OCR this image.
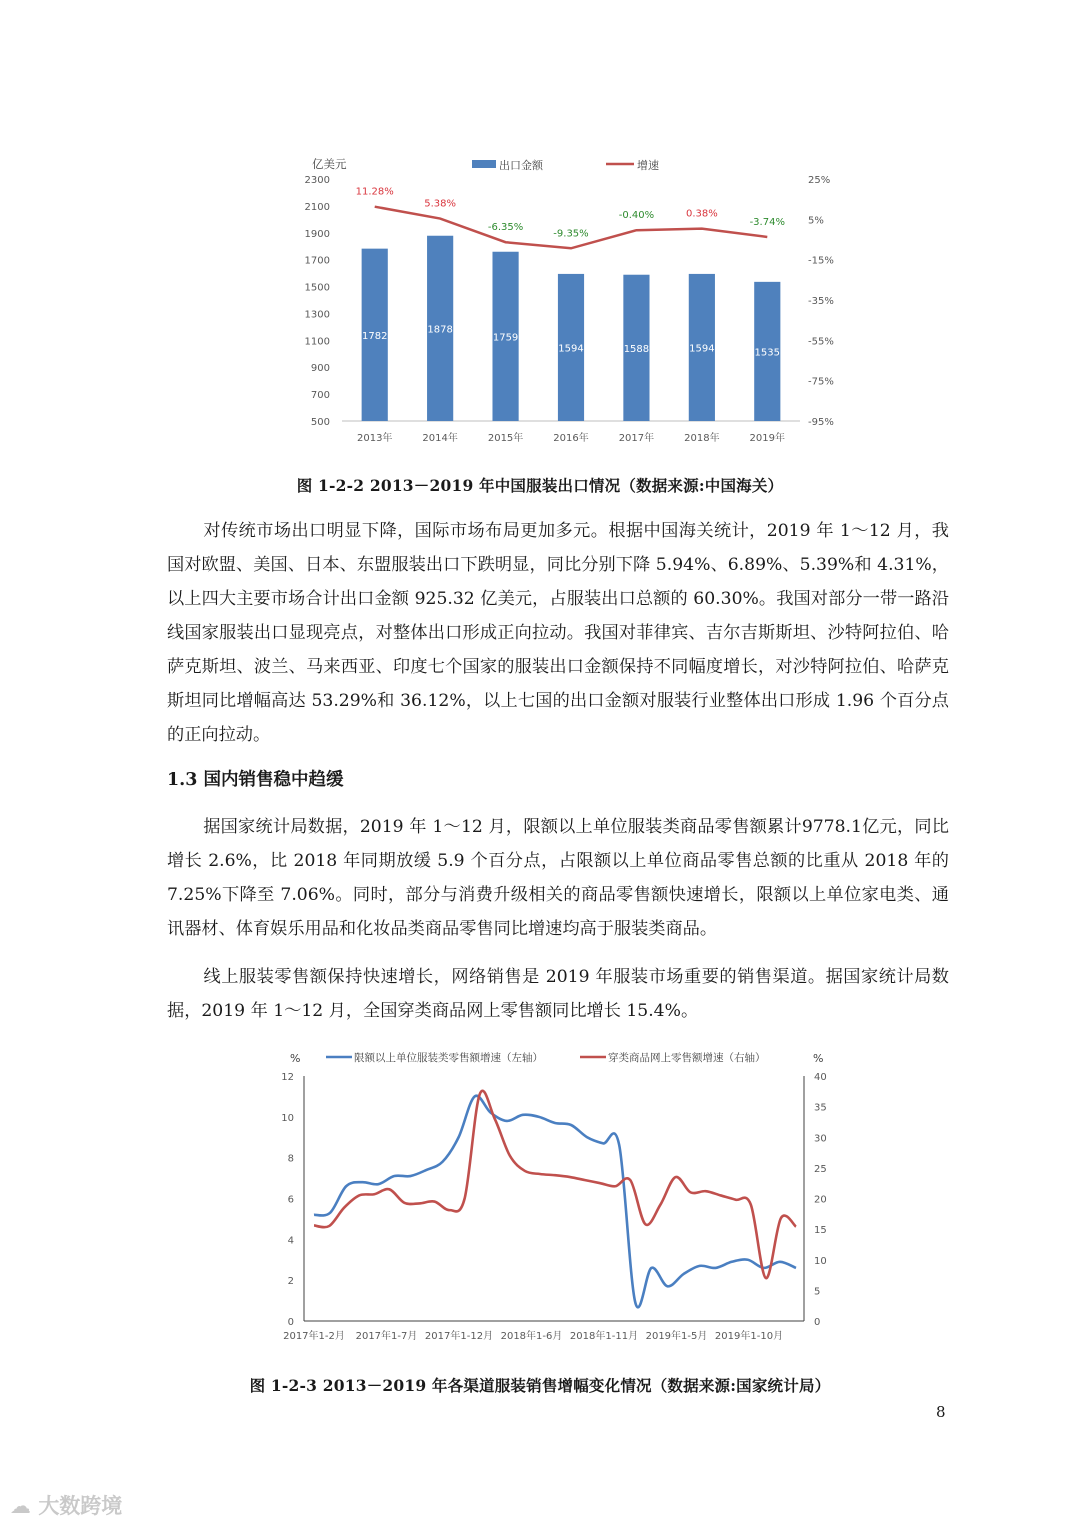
1782
1878
1759
1594	1588	1594	1535
11.28%
5.38%
-6.35%
-9.35%
-0.40%	0.38%
-3.74%
2300
2100
1900
1700
1500
1300
1100
900
700
500
25%
5%
-15%
-35%
-55%
-75%
-95%
亿美元
2013年	2014年	2015年	2016年	2017年	2018年	2019年
出口金额	增速
图 1-2-2 2013－2019 年中国服装出口情况（数据来源:中国海关）

对传统市场出口明显下降，国际市场布局更加多元。根据中国海关统计，2019 年 1～12 月，我国对欧盟、美国、日本、东盟服装出口下跌明显，同比分别下降 5.94%、6.89%、5.39%和 4.31%，以上四大主要市场合计出口金额 925.32 亿美元，占服装出口总额的 60.30%。我国对部分一带一路沿线国家服装出口显现亮点，对整体出口形成正向拉动。我国对菲律宾、吉尔吉斯斯坦、沙特阿拉伯、哈萨克斯坦、波兰、马来西亚、印度七个国家的服装出口金额保持不同幅度增长，对沙特阿拉伯、哈萨克斯坦同比增幅高达 53.29%和 36.12%，以上七国的出口金额对服装行业整体出口形成 1.96 个百分点的正向拉动。

1.3 国内销售稳中趋缓

据国家统计局数据，2019 年 1～12 月，限额以上单位服装类商品零售额累计9778.1亿元，同比增长 2.6%，比 2018 年同期放缓 5.9 个百分点，占限额以上单位商品零售总额的比重从 2018 年的 7.25%下降至 7.06%。同时，部分与消费升级相关的商品零售额快速增长，限额以上单位家电类、通讯器材、体育娱乐用品和化妆品类商品零售同比增速均高于服装类商品。

线上服装零售额保持快速增长，网络销售是 2019 年服装市场重要的销售渠道。据国家统计局数据，2019 年 1～12 月，全国穿类商品网上零售额同比增长 15.4%。

12
10
8
6
4
2
0
40
35
30
25
20
15
10
5
0
%	%
2017年1-2月 2017年1-7月 2017年1-12月 2018年1-6月 2018年1-11月 2019年1-5月 2019年1-10月
限额以上单位服装类零售额增速（左轴）	穿类商品网上零售额增速（右轴）
图 1-2-3 2013－2019 年各渠道服装销售增幅变化情况（数据来源:国家统计局）
8
☁ 大数跨境
